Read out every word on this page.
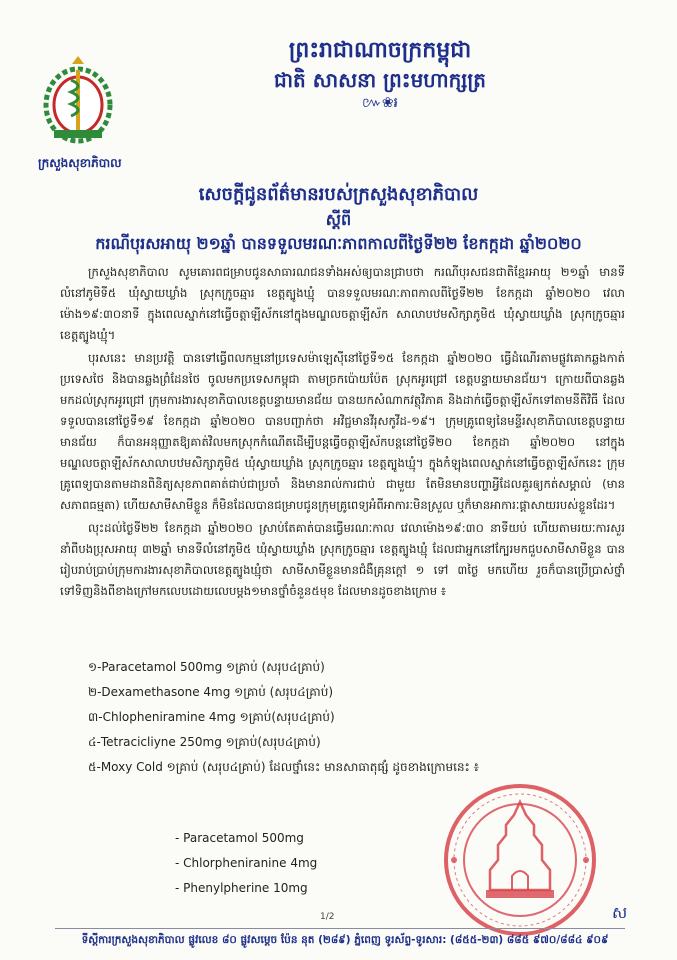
ក្រសួងសុខាភិបាល
ព្រះរាជាណាចក្រកម្ពុជា
ជាតិ សាសនា ព្រះមហាក្សត្រ
៚❀៛
សេចក្តីជូនព័ត៌មានរបស់ក្រសួងសុខាភិបាល
ស្តីពី
ករណីបុរសអាយុ ២១ឆ្នាំ បានទទួលមរណៈភាពកាលពីថ្ងៃទី២២ ខែកក្កដា ឆ្នាំ២០២០

ក្រសួងសុខាភិបាល សូមគោរពជម្រាបជូនសាធារណជនទាំងអស់ឲ្យបានជ្រាបថា ករណីបុរសជនជាតិខ្មែរអាយុ ២១ឆ្នាំ មានទីលំនៅភូមិទី៥ ឃុំស្វាយឃ្លាំង ស្រុកក្រូចឆ្មារ ខេត្តត្បូងឃ្មុំ បានទទួលមរណៈភាពកាលពីថ្ងៃទី២២ ខែកក្កដា ឆ្នាំ២០២០ វេលាម៉ោង១៩:៣០នាទី ក្នុងពេលស្នាក់នៅធ្វើចត្តាឡីស័កនៅក្នុងមណ្ឌលចត្តាឡីស័ក សាលាបឋមសិក្សាភូមិ៥ ឃុំស្វាយឃ្លាំង ស្រុកក្រូចឆ្មារ ខេត្តត្បូងឃ្មុំ។

បុរសនេះ មានប្រវត្តិ បានទៅធ្វើពលកម្មនៅប្រទេសម៉ាឡេស៊ីនៅថ្ងៃទី១៥ ខែកក្កដា ឆ្នាំ២០២០ ធ្វើដំណើរតាមផ្លូវគោកឆ្លងកាត់ប្រទេសថៃ និងបានឆ្លងព្រំដែនថៃ ចូលមកប្រទេសកម្ពុជា តាមច្រកប៉ោយប៉ែត ស្រុកអូរជ្រៅ ខេត្តបន្ទាយមានជ័យ។ ក្រោយពីបានឆ្លងមកដល់ស្រុកអូរជ្រៅ ក្រុមការងារសុខាភិបាលខេត្តបន្ទាយមានជ័យ បានយកសំណាកវត្ថុវិភាគ និងដាក់ធ្វើចត្តាឡីស័កទៅតាមនីតិវិធី ដែលទទួលបាននៅថ្ងៃទី១៩ ខែកក្កដា ឆ្នាំ២០២០ បានបញ្ជាក់ថា អវិជ្ជមានវីរុសកូវីដ-១៩។ ក្រុមគ្រូពេទ្យនៃមន្ទីរសុខាភិបាលខេត្តបន្ទាយមានជ័យ ក៏បានអនុញ្ញាតឱ្យគាត់វិលមកស្រុកកំណើតដើម្បីបន្តធ្វើចត្តាឡីស័កបន្តនៅថ្ងៃទី២០ ខែកក្កដា ឆ្នាំ២០២០ នៅក្នុងមណ្ឌលចត្តាឡីស័កសាលាបឋមសិក្សាភូមិ៥ ឃុំស្វាយឃ្លាំង ស្រុកក្រូចឆ្មារ ខេត្តត្បូងឃ្មុំ។ ក្នុងកំឡុងពេលស្នាក់នៅធ្វើចត្តាឡីស័កនេះ ក្រុមគ្រូពេទ្យបានតាមដានពិនិត្យសុខភាពគាត់ជាប់ជាប្រចាំ និងមានរាល់ការជាប់ ជាមួយ តែមិនមានបញ្ហាអ្វីដែលគួរឲ្យកត់សម្គាល់ (មានសភាពធម្មតា) ហើយសាមីសាមីខ្លួន ក៏មិនដែលបានជម្រាបជូនក្រុមគ្រូពេទ្យអំពីអាការៈមិនស្រួល ឬក៏មានអាការៈផ្តាសាយរបស់ខ្លួនដែរ។

លុះដល់ថ្ងៃទី២២ ខែកក្កដា ឆ្នាំ២០២០ ស្រាប់តែគាត់បានធ្វើមរណៈកាល វេលាម៉ោង១៩:៣០ នាទីយប់ ហើយតាមរយៈការសួរនាំពីបងប្រុសអាយុ ៣២ឆ្នាំ មានទីលំនៅភូមិ៥ ឃុំស្វាយឃ្លាំង ស្រុកក្រូចឆ្មារ ខេត្តត្បូងឃ្មុំ ដែលជាអ្នកនៅក្បែរមកជួបសាមីសាមីខ្លួន បានរៀបរាប់ប្រាប់ក្រុមការងារសុខាភិបាលខេត្តត្បូងឃ្មុំថា សាមីសាមីខ្លួនមានជំងឺគ្រុនក្តៅ ១ ទៅ ៣ថ្ងៃ មកហើយ រួចក៏បានប្រើប្រាស់ថ្នាំទៅទិញនិងពីខាងក្រៅមកលេបដោយលេបម្តង១មានថ្នាំចំនួន៥មុខ ដែលមានដូចខាងក្រោម ៖

១-Paracetamol 500mg ១គ្រាប់ (សរុប៤គ្រាប់)
២-Dexamethasone 4mg ១គ្រាប់ (សរុប៤គ្រាប់)
៣-Chlopheniramine 4mg ១គ្រាប់(សរុប៤គ្រាប់)
៤-Tetracicliyne 250mg ១គ្រាប់(សរុប៤គ្រាប់)
៥-Moxy Cold ១គ្រាប់ (សរុប៤គ្រាប់) ដែលថ្នាំនេះ មានសាធាតុផ្សំ ដូចខាងក្រោមនេះ ៖
- Paracetamol 500mg
- Chlorpheniranine 4mg
- Phenylpherine 10mg
1/2	ស
ទីស្តីការក្រសួងសុខាភិបាល ផ្លូវលេខ ៨០ ផ្លូវសម្តេច ប៉ែន នុត (២៨៩) ភ្នំពេញ ទូរស័ព្ទ-ទូរសារ: (៨៥៥-២៣) ៨៨៥ ៩៧០/៨៨៤ ៩០៩
